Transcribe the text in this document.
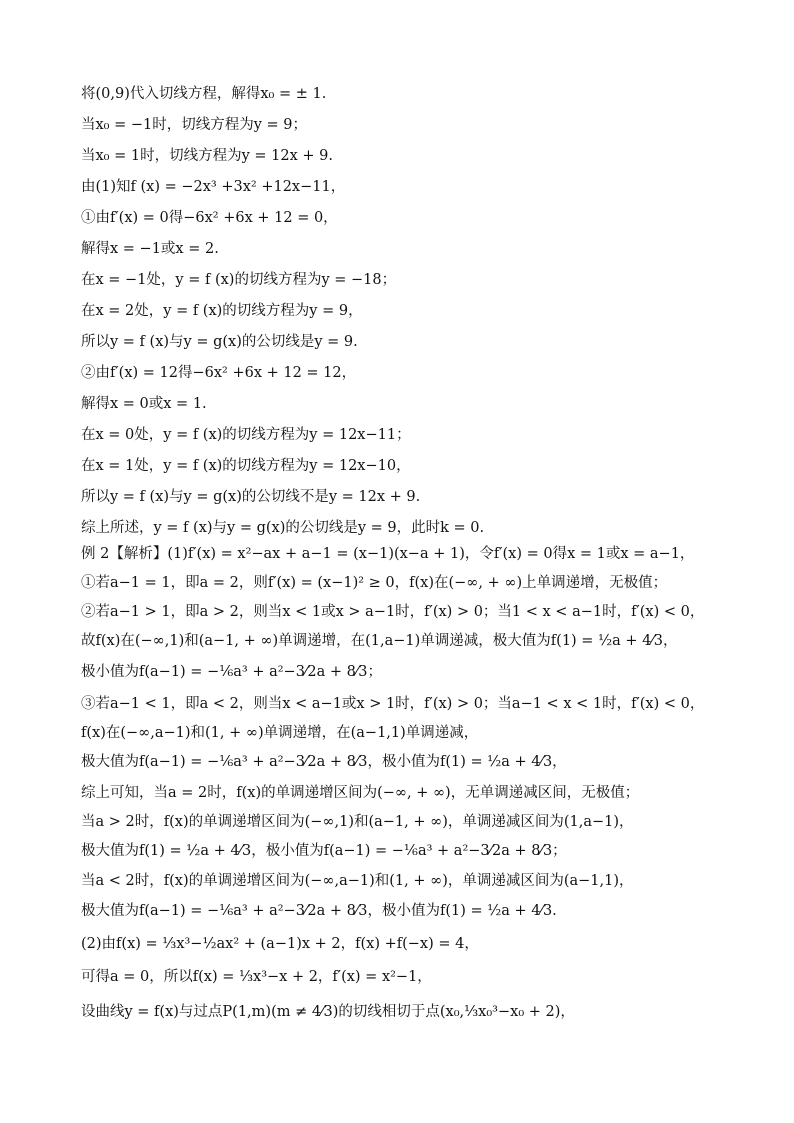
将(0,9)代入切线方程，解得x₀ = ± 1.
当x₀ = −1时，切线方程为y = 9；
当x₀ = 1时，切线方程为y = 12x + 9.
由(1)知f (x) = −2x³ +3x² +12x−11，
①由f′(x) = 0得−6x² +6x + 12 = 0，
解得x = −1或x = 2.
在x = −1处，y = f (x)的切线方程为y = −18；
在x = 2处，y = f (x)的切线方程为y = 9，
所以y = f (x)与y = g(x)的公切线是y = 9.
②由f′(x) = 12得−6x² +6x + 12 = 12，
解得x = 0或x = 1.
在x = 0处，y = f (x)的切线方程为y = 12x−11；
在x = 1处，y = f (x)的切线方程为y = 12x−10，
所以y = f (x)与y = g(x)的公切线不是y = 12x + 9.
综上所述，y = f (x)与y = g(x)的公切线是y = 9，此时k = 0.
例 2【解析】(1)f′(x) = x²−ax + a−1 = (x−1)(x−a + 1)，令f′(x) = 0得x = 1或x = a−1，
①若a−1 = 1，即a = 2，则f′(x) = (x−1)² ≥ 0，f(x)在(−∞, + ∞)上单调递增，无极值；
②若a−1 > 1，即a > 2，则当x < 1或x > a−1时，f′(x) > 0；当1 < x < a−1时，f′(x) < 0，
故f(x)在(−∞,1)和(a−1, + ∞)单调递增，在(1,a−1)单调递减，极大值为f(1) = ½a + 4⁄3，
极小值为f(a−1) = −⅙a³ + a²−3⁄2a + 8⁄3；
③若a−1 < 1，即a < 2，则当x < a−1或x > 1时，f′(x) > 0；当a−1 < x < 1时，f′(x) < 0，
f(x)在(−∞,a−1)和(1, + ∞)单调递增，在(a−1,1)单调递减，
极大值为f(a−1) = −⅙a³ + a²−3⁄2a + 8⁄3，极小值为f(1) = ½a + 4⁄3，
综上可知，当a = 2时，f(x)的单调递增区间为(−∞, + ∞)，无单调递减区间，无极值；
当a > 2时，f(x)的单调递增区间为(−∞,1)和(a−1, + ∞)，单调递减区间为(1,a−1)，
极大值为f(1) = ½a + 4⁄3，极小值为f(a−1) = −⅙a³ + a²−3⁄2a + 8⁄3；
当a < 2时，f(x)的单调递增区间为(−∞,a−1)和(1, + ∞)，单调递减区间为(a−1,1)，
极大值为f(a−1) = −⅙a³ + a²−3⁄2a + 8⁄3，极小值为f(1) = ½a + 4⁄3.
(2)由f(x) = ⅓x³−½ax² + (a−1)x + 2，f(x) +f(−x) = 4，
可得a = 0，所以f(x) = ⅓x³−x + 2，f′(x) = x²−1，
设曲线y = f(x)与过点P(1,m)(m ≠ 4⁄3)的切线相切于点(x₀,⅓x₀³−x₀ + 2)，
